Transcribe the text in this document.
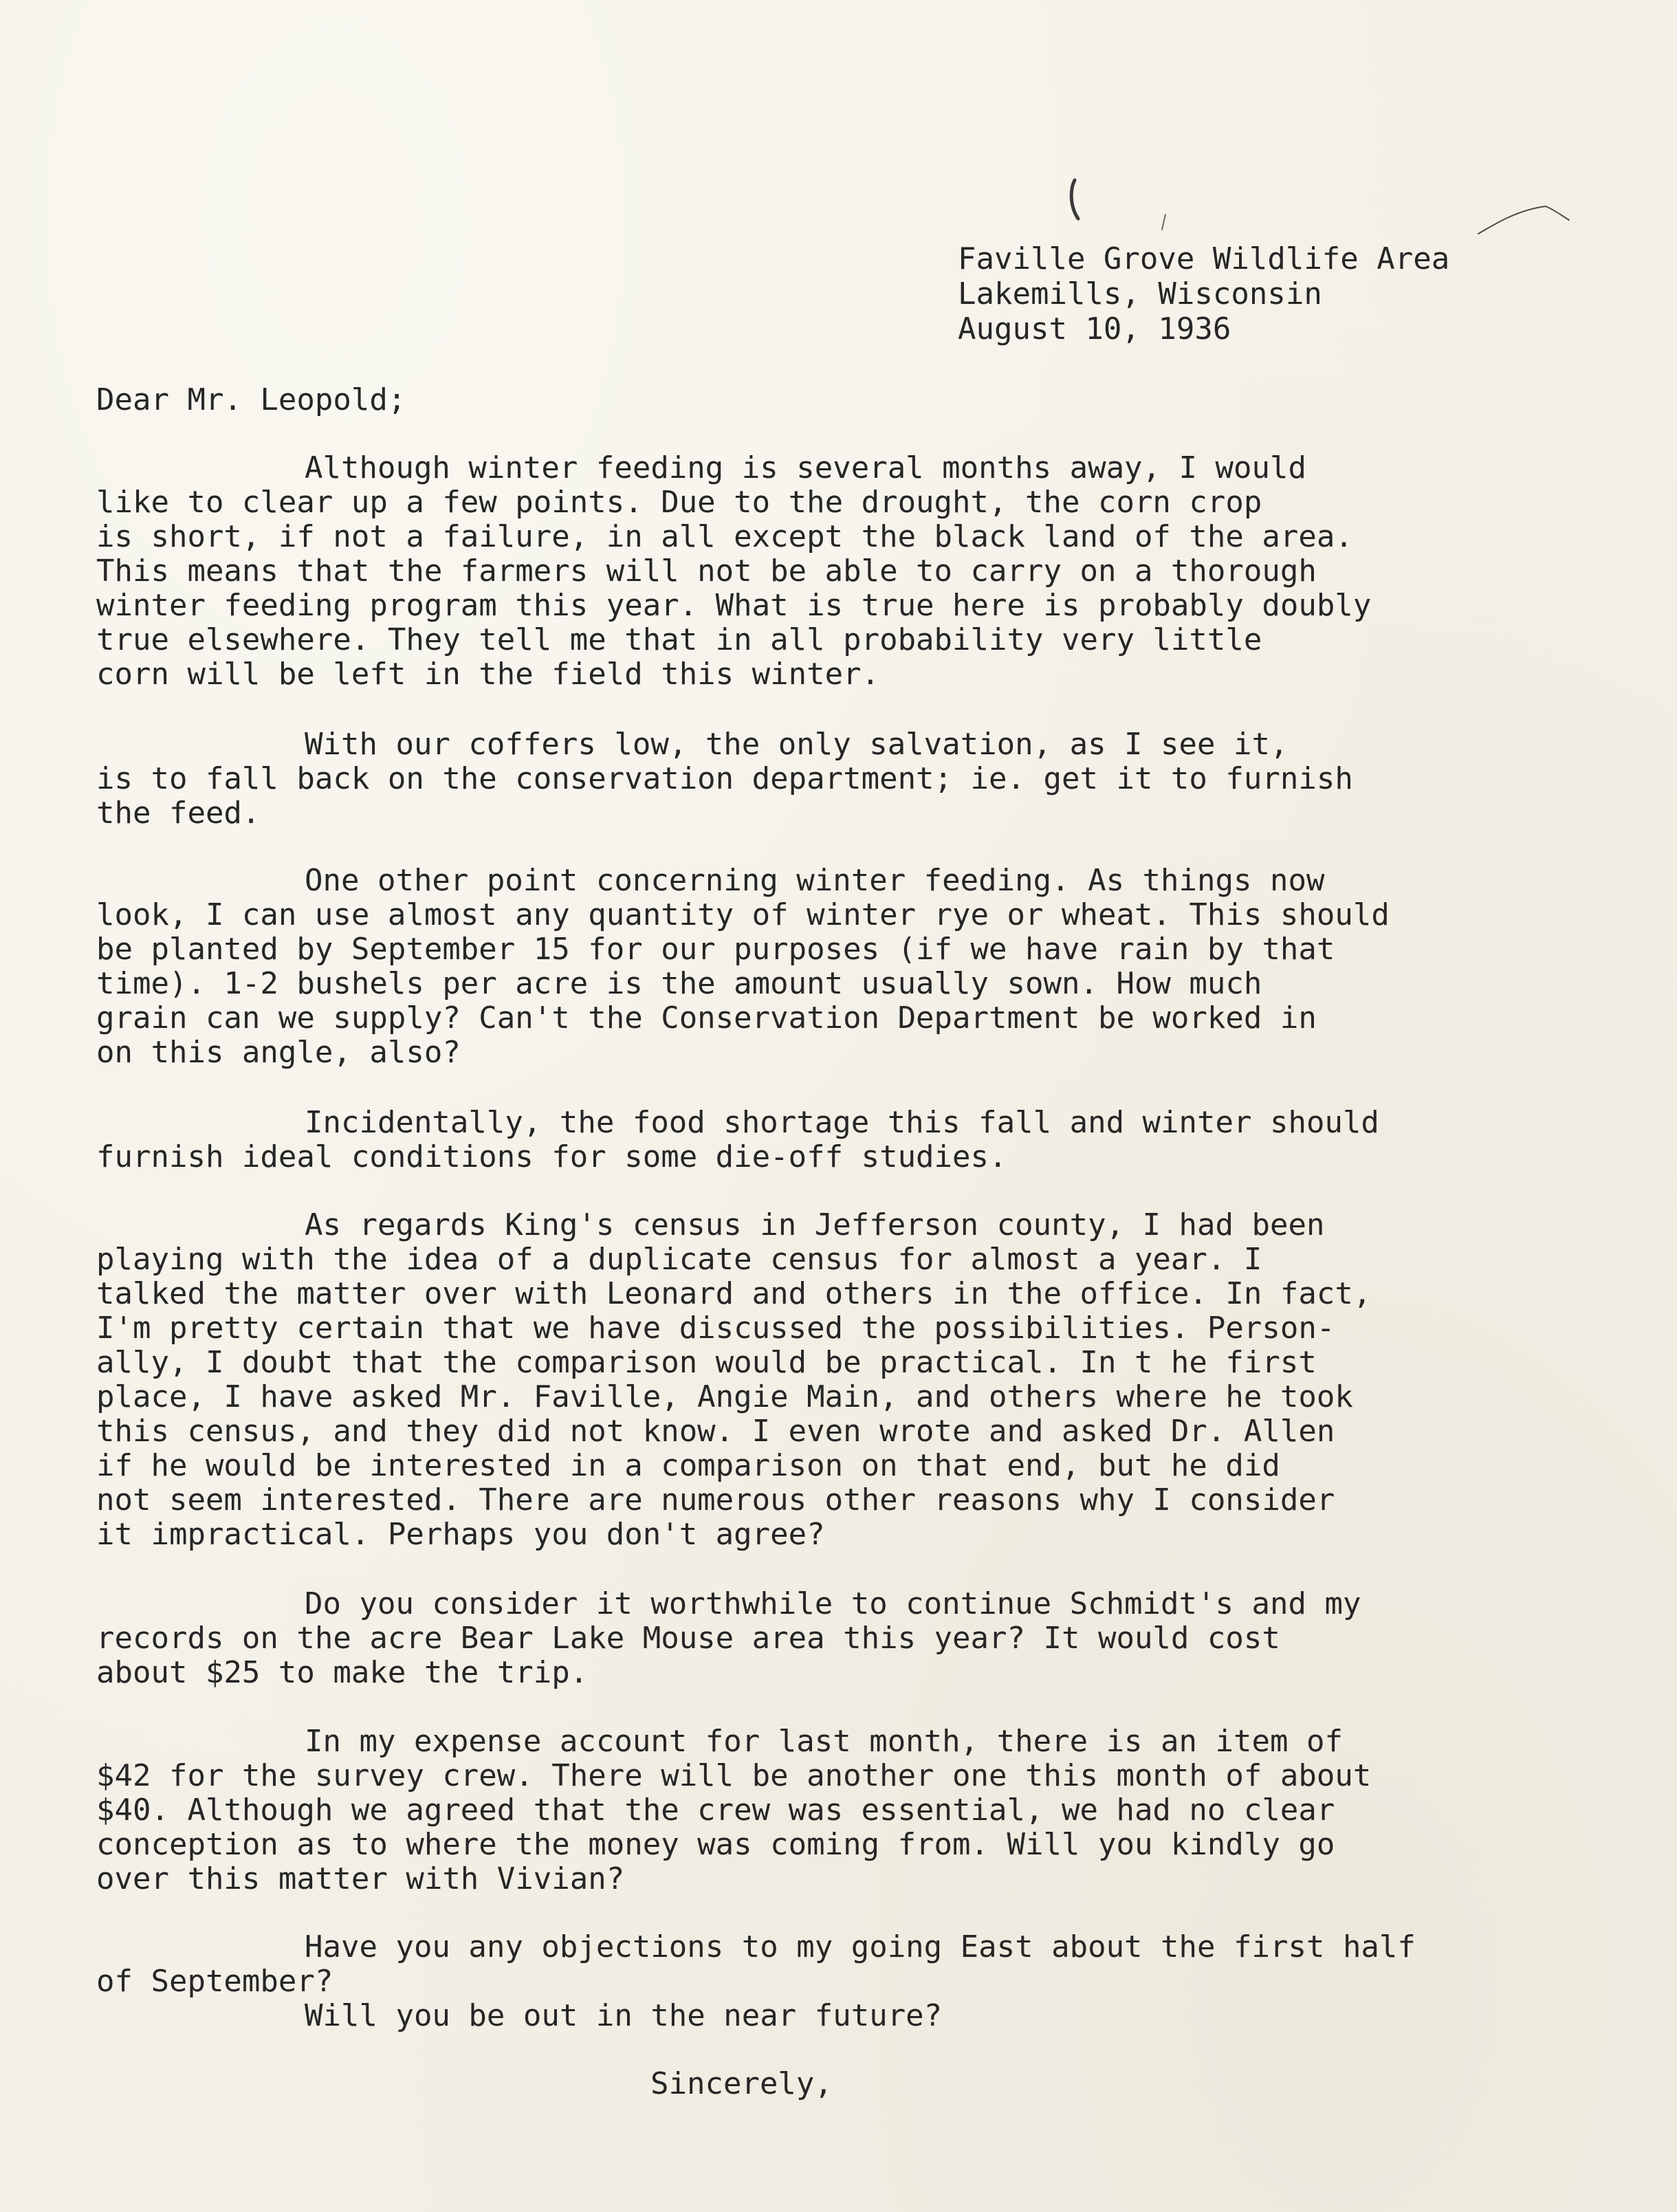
Faville Grove Wildlife Area

Lakemills, Wisconsin

August 10, 1936

Dear Mr. Leopold;

Although winter feeding is several months away, I would

like to clear up a few points. Due to the drought, the corn crop

is short, if not a failure, in all except the black land of the area.

This means that the farmers will not be able to carry on a thorough

winter feeding program this year. What is true here is probably doubly

true elsewhere. They tell me that in all probability very little

corn will be left in the field this winter.

With our coffers low, the only salvation, as I see it,

is to fall back on the conservation department; ie. get it to furnish

the feed.

One other point concerning winter feeding. As things now

look, I can use almost any quantity of winter rye or wheat. This should

be planted by September 15 for our purposes (if we have rain by that

time). 1-2 bushels per acre is the amount usually sown. How much

grain can we supply? Can't the Conservation Department be worked in

on this angle, also?

Incidentally, the food shortage this fall and winter should

furnish ideal conditions for some die-off studies.

As regards King's census in Jefferson county, I had been

playing with the idea of a duplicate census for almost a year. I

talked the matter over with Leonard and others in the office. In fact,

I'm pretty certain that we have discussed the possibilities. Person-

ally, I doubt that the comparison would be practical. In t he first

place, I have asked Mr. Faville, Angie Main, and others where he took

this census, and they did not know. I even wrote and asked Dr. Allen

if he would be interested in a comparison on that end, but he did

not seem interested. There are numerous other reasons why I consider

it impractical. Perhaps you don't agree?

Do you consider it worthwhile to continue Schmidt's and my

records on the acre Bear Lake Mouse area this year? It would cost

about $25 to make the trip.

In my expense account for last month, there is an item of

$42 for the survey crew. There will be another one this month of about

$40. Although we agreed that the crew was essential, we had no clear

conception as to where the money was coming from. Will you kindly go

over this matter with Vivian?

Have you any objections to my going East about the first half

of September?

Will you be out in the near future?

Sincerely,
